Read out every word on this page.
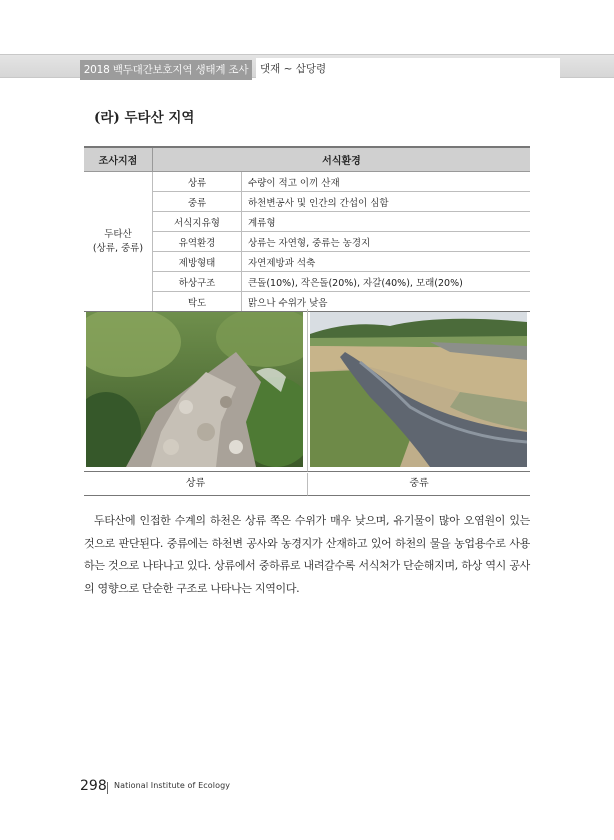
2018 백두대간보호지역 생태계 조사	댓재 ~ 삽당령
(라) 두타산 지역
조사지점	서식환경	
두타산
(상류, 중류)	상류	수량이 적고 이끼 산재
	중류	하천변공사 및 인간의 간섭이 심함
	서식지유형	계류형
	유역환경	상류는 자연형, 중류는 농경지
	제방형태	자연제방과 석축
	하상구조	큰돌(10%), 작은돌(20%), 자갈(40%), 모래(20%)
	탁도	맑으나 수위가 낮음
상류	중류
두타산에 인접한 수계의 하천은 상류 쪽은 수위가 매우 낮으며, 유기물이 많아 오염원이 있는 것으로 판단된다. 중류에는 하천변 공사와 농경지가 산재하고 있어 하천의 물을 농업용수로 사용하는 것으로 나타나고 있다. 상류에서 중하류로 내려갈수록 서식처가 단순해지며, 하상 역시 공사의 영향으로 단순한 구조로 나타나는 지역이다.
298 National Institute of Ecology
